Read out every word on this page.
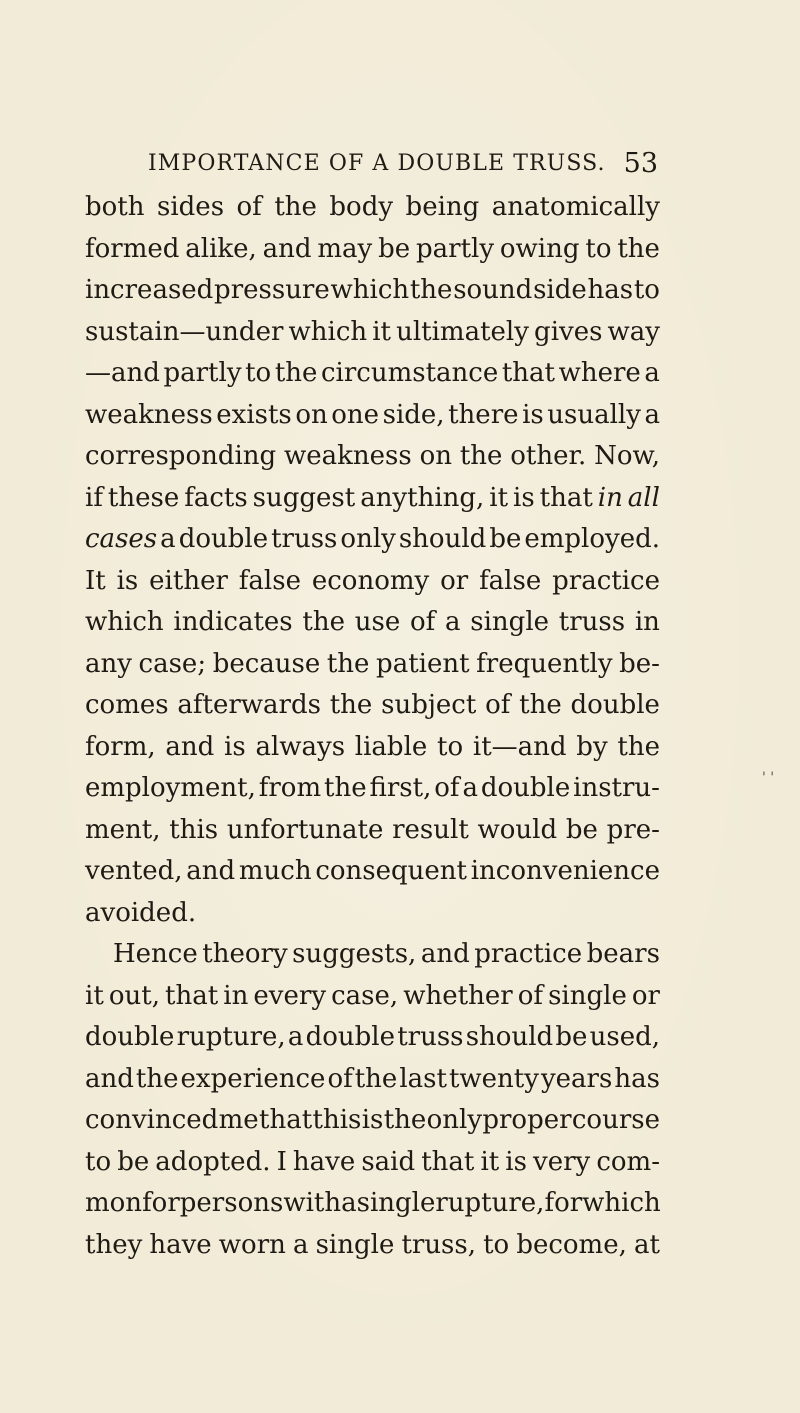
IMPORTANCE OF A DOUBLE TRUSS. 53
' '
both sides of the body being anatomically
formed alike, and may be partly owing to the
increased pressure which the sound side has to
sustain—under which it ultimately gives way
—and partly to the circumstance that where a
weakness exists on one side, there is usually a
corresponding weakness on the other. Now,
if these facts suggest anything, it is that in all
cases a double truss only should be employed.
It is either false economy or false practice
which indicates the use of a single truss in
any case; because the patient frequently be-
comes afterwards the subject of the double
form, and is always liable to it—and by the
employment, from the first, of a double instru-
ment, this unfortunate result would be pre-
vented, and much consequent inconvenience
avoided.
Hence theory suggests, and practice bears
it out, that in every case, whether of single or
double rupture, a double truss should be used,
and the experience of the last twenty years has
convinced me that this is the only proper course
to be adopted. I have said that it is very com-
mon for persons with a single rupture, for which
they have worn a single truss, to become, at
